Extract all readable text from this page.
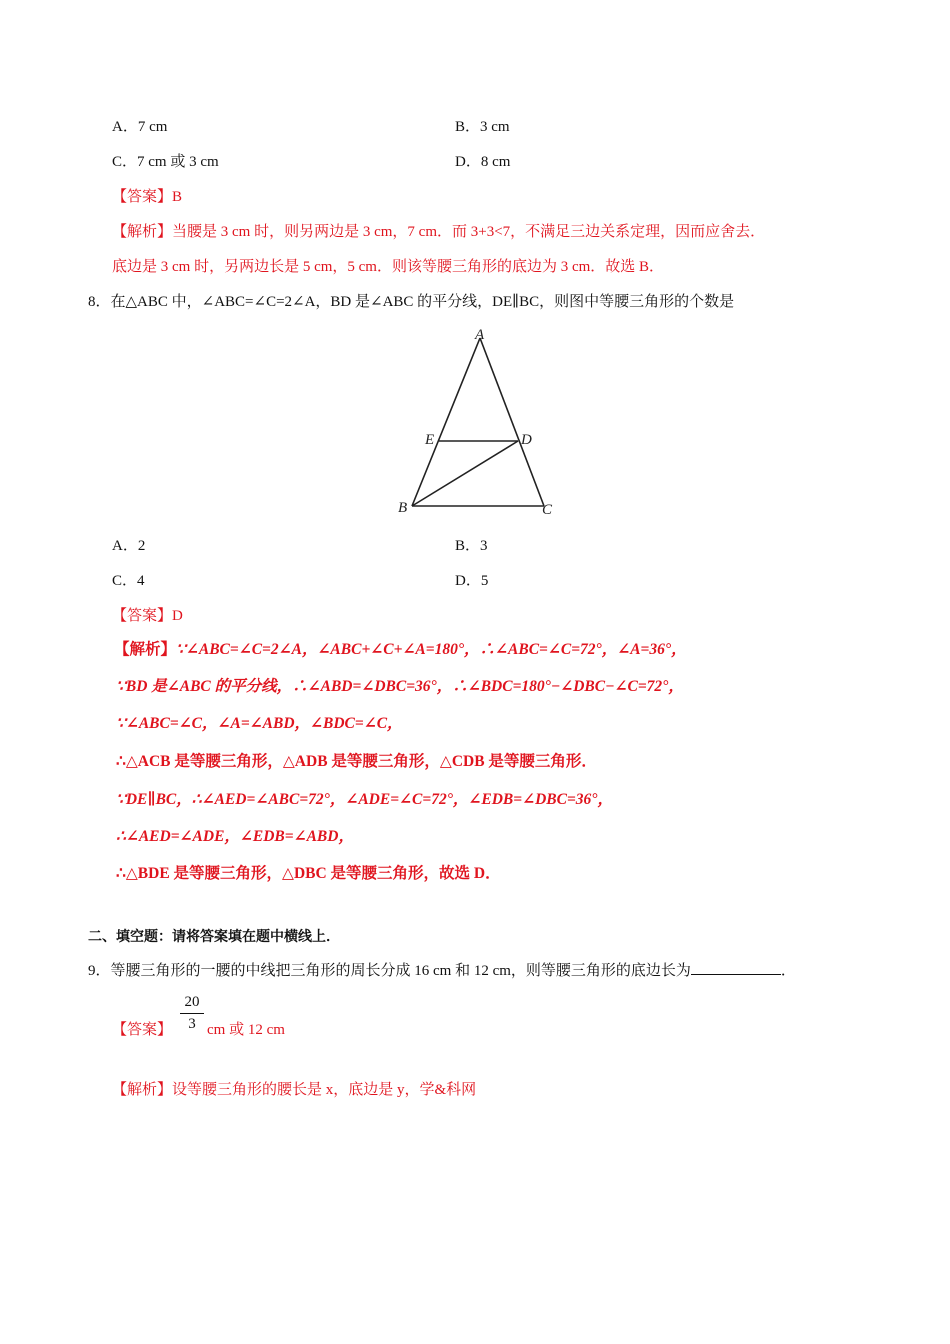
A．7 cm	B．3 cm
C．7 cm 或 3 cm	D．8 cm
【答案】B
【解析】当腰是 3 cm 时，则另两边是 3 cm，7 cm．而 3+3<7，不满足三边关系定理，因而应舍去．
底边是 3 cm 时，另两边长是 5 cm，5 cm．则该等腰三角形的底边为 3 cm．故选 B．
8．在△ABC 中，∠ABC=∠C=2∠A，BD 是∠ABC 的平分线，DE∥BC，则图中等腰三角形的个数是
A
E	D
B	C
A．2	B．3
C．4	D．5
【答案】D
【解析】∵∠ABC=∠C=2∠A，∠ABC+∠C+∠A=180°，∴∠ABC=∠C=72°，∠A=36°，
∵BD 是∠ABC 的平分线，∴∠ABD=∠DBC=36°，∴∠BDC=180°−∠DBC−∠C=72°，
∵∠ABC=∠C，∠A=∠ABD，∠BDC=∠C，
∴△ACB 是等腰三角形，△ADB 是等腰三角形，△CDB 是等腰三角形．
∵DE∥BC，∴∠AED=∠ABC=72°，∠ADE=∠C=72°，∠EDB=∠DBC=36°，
∴∠AED=∠ADE，∠EDB=∠ABD，
∴△BDE 是等腰三角形，△DBC 是等腰三角形，故选 D．
二、填空题：请将答案填在题中横线上．
9．等腰三角形的一腰的中线把三角形的周长分成 16 cm 和 12 cm，则等腰三角形的底边长为	．
【答案】
20
3 cm 或 12 cm
【解析】设等腰三角形的腰长是 x，底边是 y，学&科网
